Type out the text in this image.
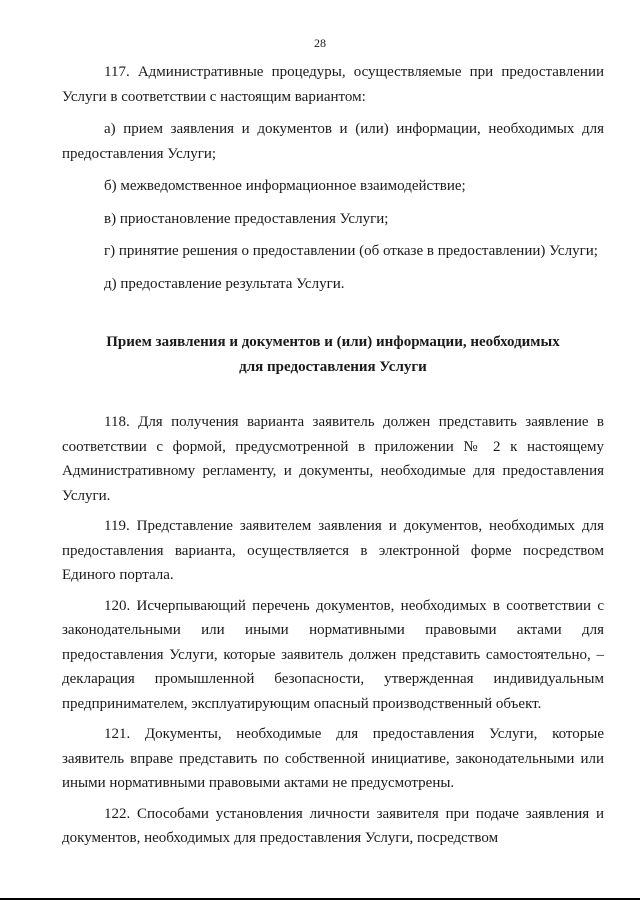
28

117. Административные процедуры, осуществляемые при предоставлении Услуги в соответствии с настоящим вариантом:

а) прием заявления и документов и (или) информации, необходимых для предоставления Услуги;

б) межведомственное информационное взаимодействие;

в) приостановление предоставления Услуги;

г) принятие решения о предоставлении (об отказе в предоставлении) Услуги;

д) предоставление результата Услуги.

Прием заявления и документов и (или) информации, необходимых

для предоставления Услуги

118. Для получения варианта заявитель должен представить заявление в соответствии с формой, предусмотренной в приложении № 2 к настоящему Административному регламенту, и документы, необходимые для предоставления Услуги.

119. Представление заявителем заявления и документов, необходимых для предоставления варианта, осуществляется в электронной форме посредством Единого портала.

120. Исчерпывающий перечень документов, необходимых в соответствии с законодательными или иными нормативными правовыми актами для предоставления Услуги, которые заявитель должен представить самостоятельно, – декларация промышленной безопасности, утвержденная индивидуальным предпринимателем, эксплуатирующим опасный производственный объект.

121. Документы, необходимые для предоставления Услуги, которые заявитель вправе представить по собственной инициативе, законодательными или иными нормативными правовыми актами не предусмотрены.

122. Способами установления личности заявителя при подаче заявления и документов, необходимых для предоставления Услуги, посредством
